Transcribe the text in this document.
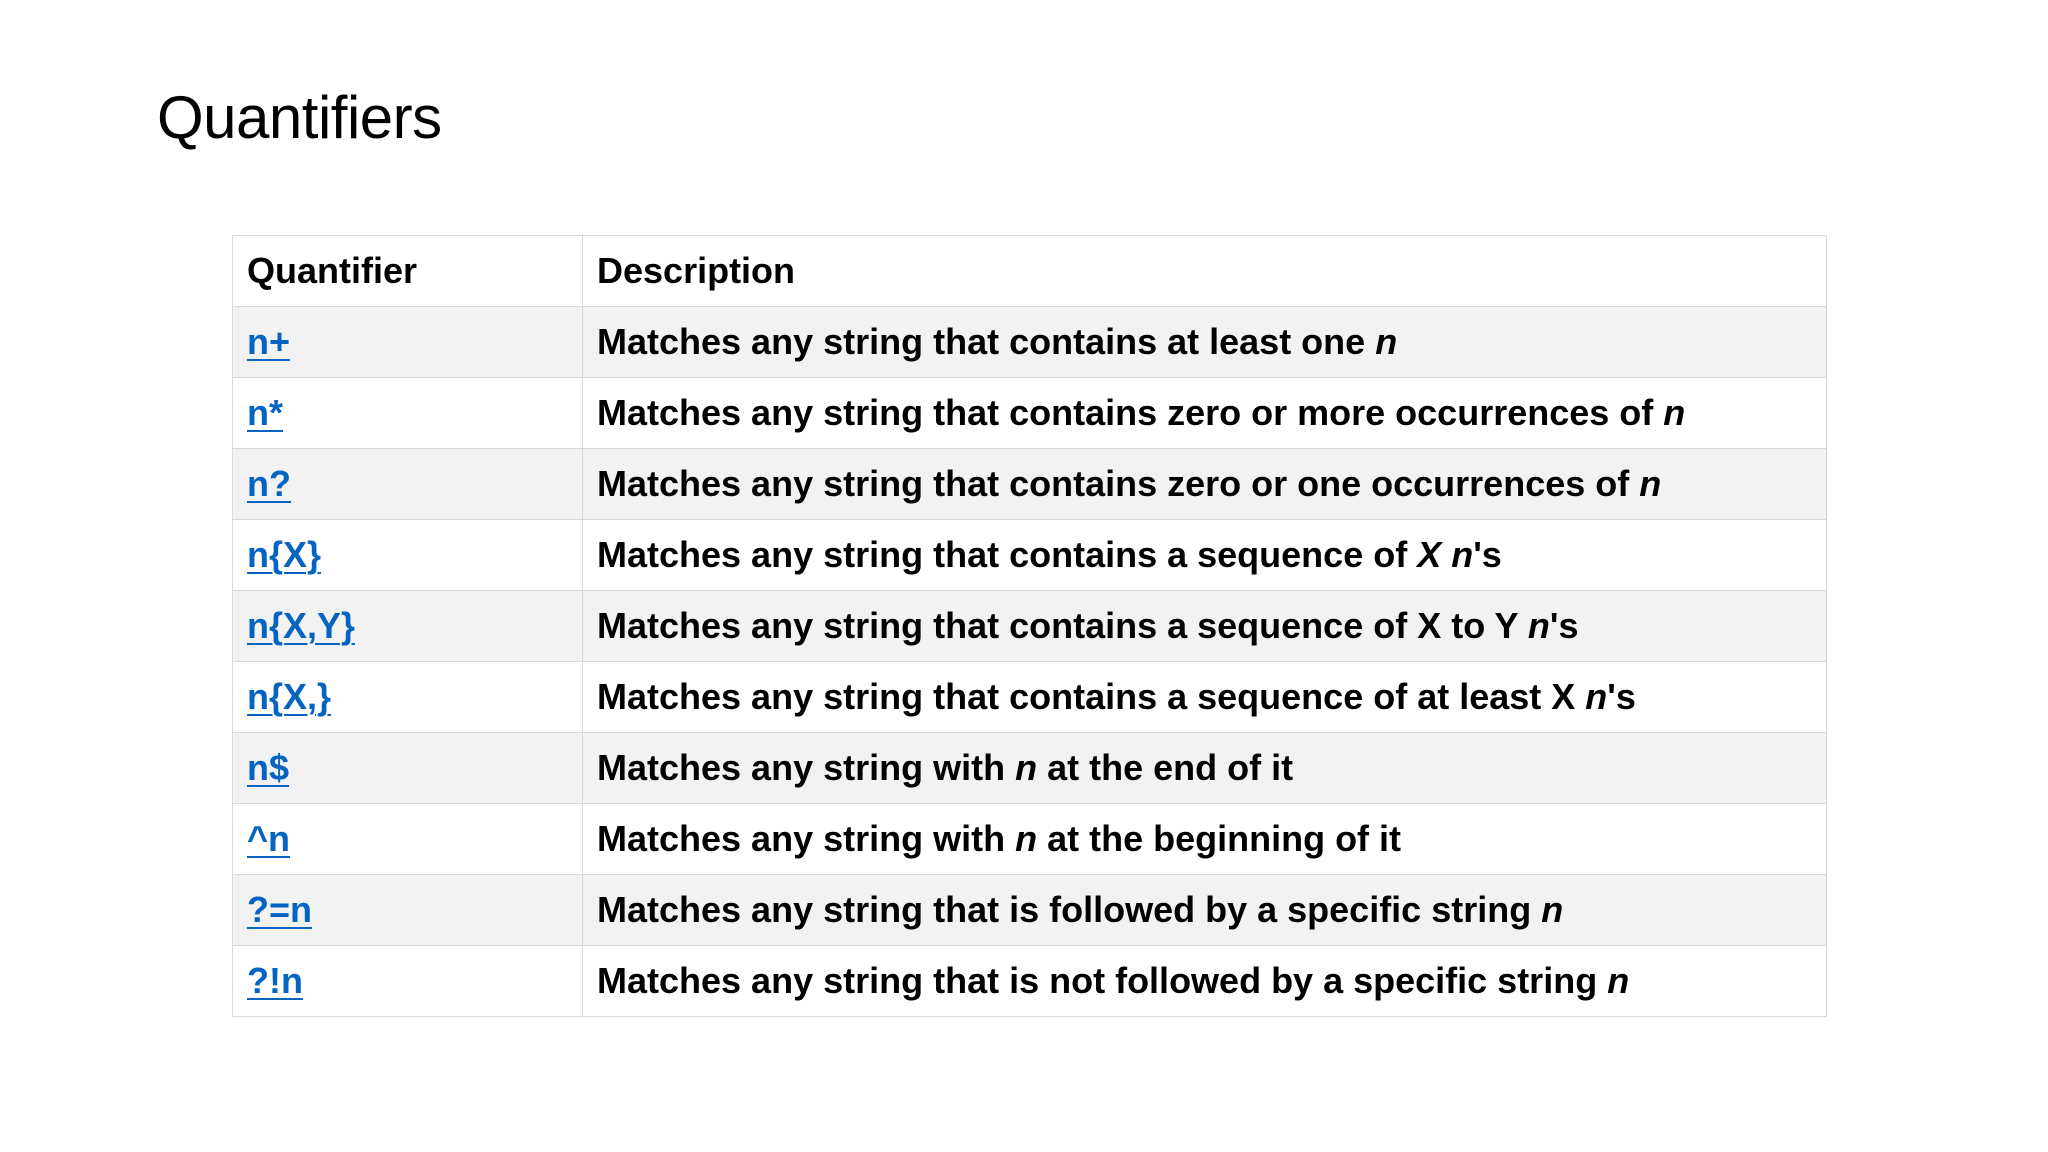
Quantifiers
Quantifier	Description
n+	Matches any string that contains at least one n
n*	Matches any string that contains zero or more occurrences of n
n?	Matches any string that contains zero or one occurrences of n
n{X}	Matches any string that contains a sequence of X n's
n{X,Y}	Matches any string that contains a sequence of X to Y n's
n{X,}	Matches any string that contains a sequence of at least X n's
n$	Matches any string with n at the end of it
^n	Matches any string with n at the beginning of it
?=n	Matches any string that is followed by a specific string n
?!n	Matches any string that is not followed by a specific string n
